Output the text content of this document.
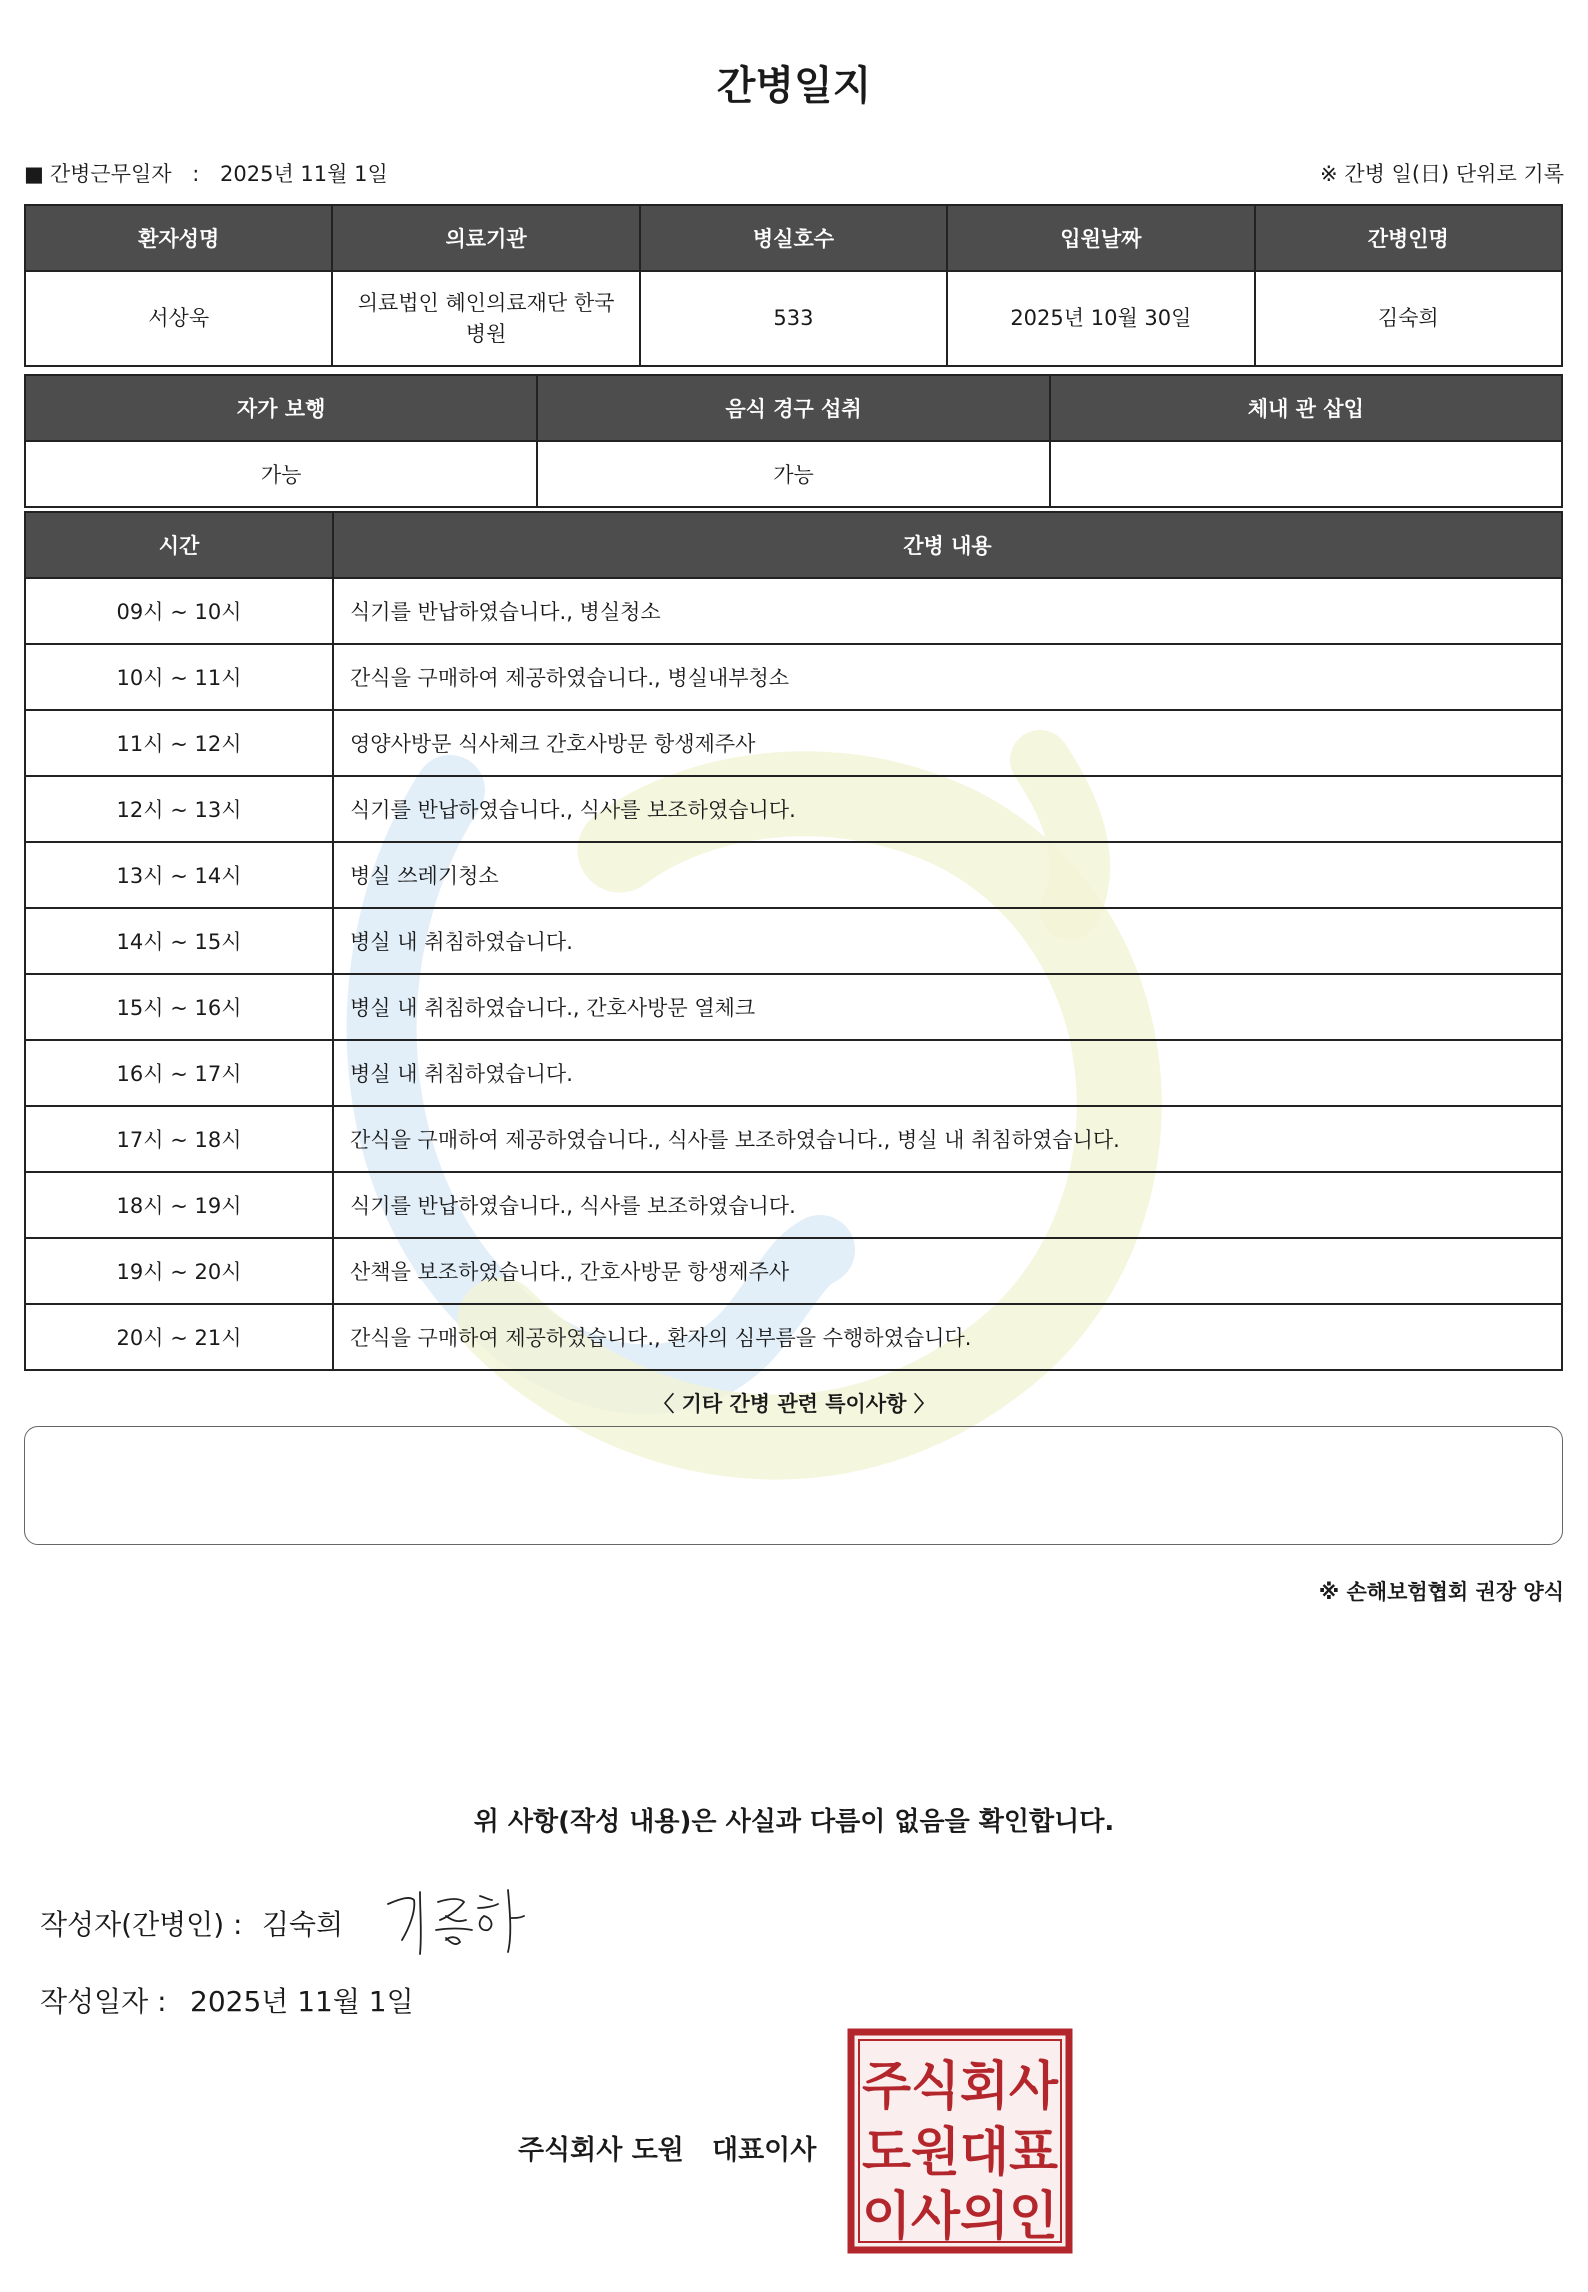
간병일지
■ 간병근무일자 : 2025년 11월 1일	※ 간병 일(日) 단위로 기록
환자성명	의료기관	병실호수	입원날짜	간병인명
서상욱	의료법인 혜인의료재단 한국 병원	533	2025년 10월 30일	김숙희
자가 보행	음식 경구 섭취	체내 관 삽입
가능	가능	
시간	간병 내용
09시 ~ 10시	식기를 반납하였습니다., 병실청소
10시 ~ 11시	간식을 구매하여 제공하였습니다., 병실내부청소
11시 ~ 12시	영양사방문 식사체크 간호사방문 항생제주사
12시 ~ 13시	식기를 반납하였습니다., 식사를 보조하였습니다.
13시 ~ 14시	병실 쓰레기청소
14시 ~ 15시	병실 내 취침하였습니다.
15시 ~ 16시	병실 내 취침하였습니다., 간호사방문 열체크
16시 ~ 17시	병실 내 취침하였습니다.
17시 ~ 18시	간식을 구매하여 제공하였습니다., 식사를 보조하였습니다., 병실 내 취침하였습니다.
18시 ~ 19시	식기를 반납하였습니다., 식사를 보조하였습니다.
19시 ~ 20시	산책을 보조하였습니다., 간호사방문 항생제주사
20시 ~ 21시	간식을 구매하여 제공하였습니다., 환자의 심부름을 수행하였습니다.
〈 기타 간병 관련 특이사항 〉
※ 손해보험협회 권장 양식
위 사항(작성 내용)은 사실과 다름이 없음을 확인합니다.
작성자(간병인) : 김숙희
작성일자 : 2025년 11월 1일
주식회사 도원 대표이사
주식회사
도원대표
이사의인
